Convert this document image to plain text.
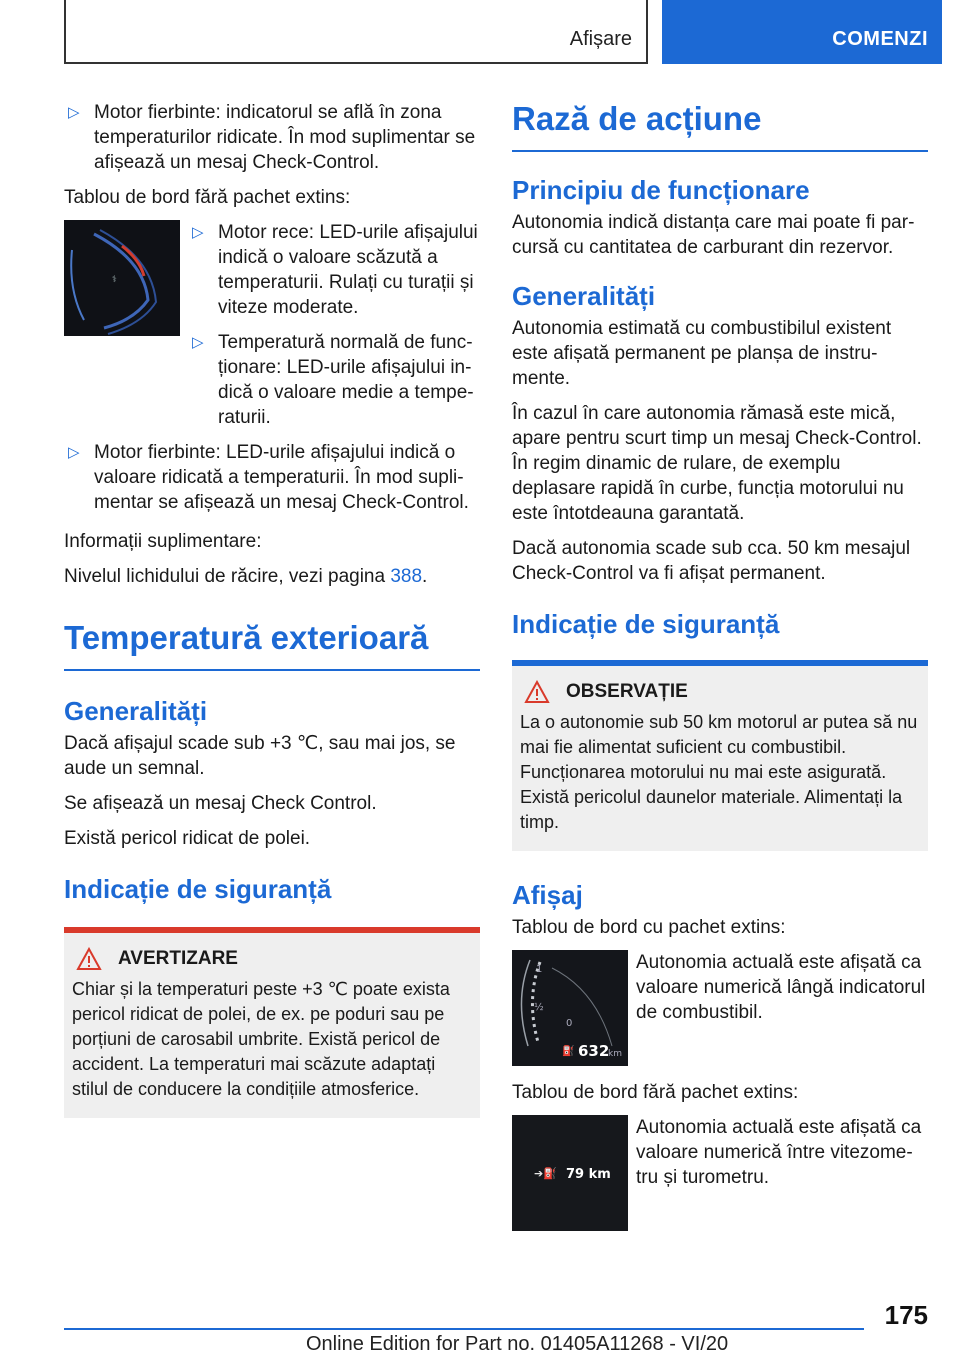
Afișare	COMENZI
▷ Motor fierbinte: indicatorul se află în zona temperaturilor ridicate. În mod suplimentar se afișează un mesaj Check-Control.

Tablou de bord fără pachet extins:

⚕
▷ Motor rece: LED-urile afișajului indică o valoare scăzută a temperaturii. Rulați cu turații și viteze moderate.
▷ Temperatură normală de funcționare: LED-urile afișajului indică o valoare medie a temperaturii.
▷ Motor fierbinte: LED-urile afișajului indică o valoare ridicată a temperaturii. În mod suplimentar se afișează un mesaj Check-Control.

Informații suplimentare:

Nivelul lichidului de răcire, vezi pagina 388.

Temperatură exterioară
Generalități

Dacă afișajul scade sub +3 ℃, sau mai jos, se aude un semnal.

Se afișează un mesaj Check Control.

Există pericol ridicat de polei.

Indicație de siguranță
AVERTIZARE
Chiar și la temperaturi peste +3 ℃ poate exista pericol ridicat de polei, de ex. pe poduri sau pe porțiuni de carosabil umbrite. Există pericol de accident. La temperaturi mai scăzute adaptați stilul de conducere la condițiile atmosferice.
Rază de acțiune
Principiu de funcționare

Autonomia indică distanța care mai poate fi parcursă cu cantitatea de carburant din rezervor.

Generalități

Autonomia estimată cu combustibilul existent este afișată permanent pe planșa de instrumente.

În cazul în care autonomia rămasă este mică, apare pentru scurt timp un mesaj Check-Control. În regim dinamic de rulare, de exemplu deplasare rapidă în curbe, funcția motorului nu este întotdeauna garantată.

Dacă autonomia scade sub cca. 50 km mesajul Check-Control va fi afișat permanent.

Indicație de siguranță
OBSERVAȚIE
La o autonomie sub 50 km motorul ar putea să nu mai fie alimentat suficient cu combustibil. Funcționarea motorului nu mai este asigurată. Există pericolul daunelor materiale. Alimentați la timp.
Afișaj

Tablou de bord cu pachet extins:

1
½
0
⛽ 632
km

Autonomia actuală este afișată ca valoare numerică lângă indicatorul de combustibil.

Tablou de bord fără pachet extins:

➔⛽ 79 km

Autonomia actuală este afișată ca valoare numerică între vitezometru și turometru.

175
Online Edition for Part no. 01405A11268 - VI/20
